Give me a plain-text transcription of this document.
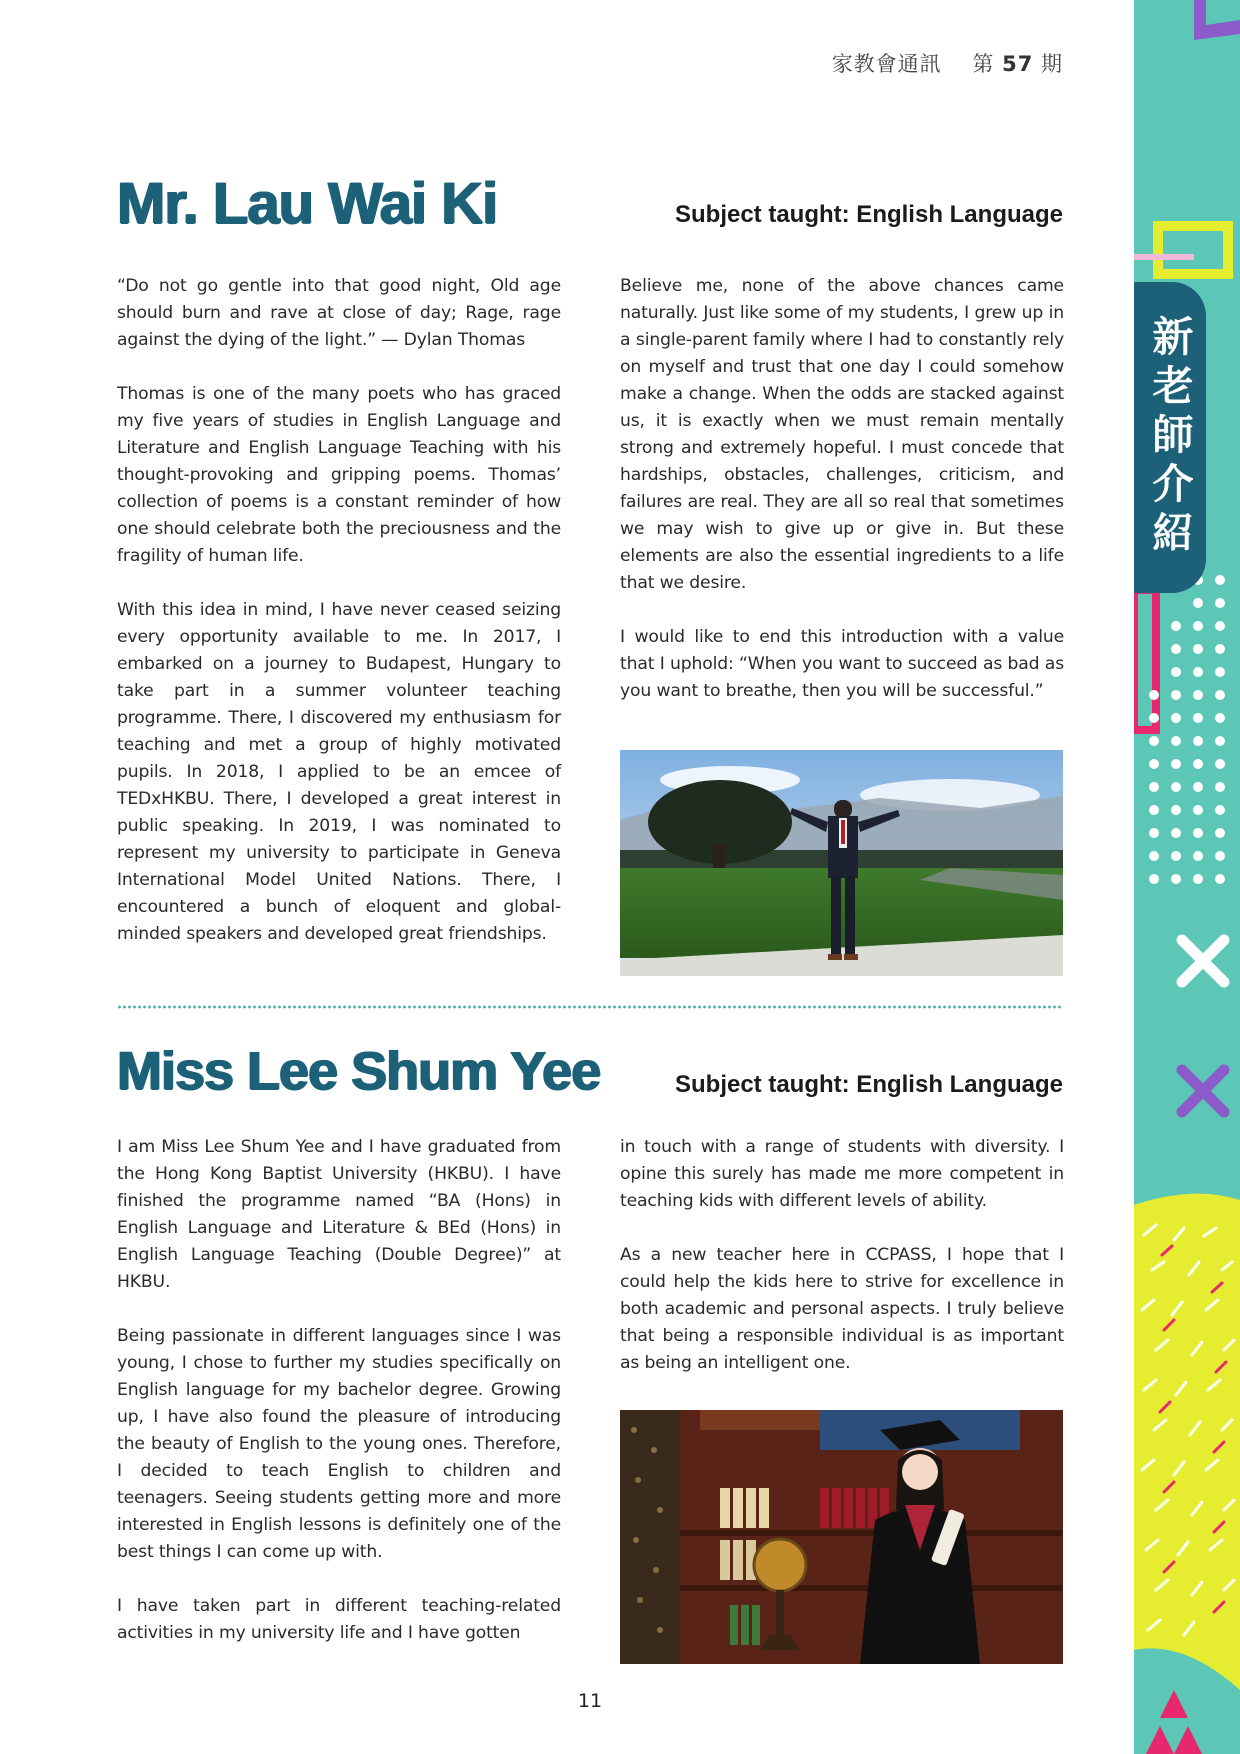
家教會通訊 第 57 期
Mr. Lau Wai Ki	Subject taught: English Language

“Do not go gentle into that good night, Old age should burn and rave at close of day; Rage, rage against the dying of the light.” — Dylan Thomas

Thomas is one of the many poets who has graced my five years of studies in English Language and Literature and English Language Teaching with his thought-provoking and gripping poems. Thomas’ collection of poems is a constant reminder of how one should celebrate both the preciousness and the fragility of human life.

With this idea in mind, I have never ceased seizing every opportunity available to me. In 2017, I embarked on a journey to Budapest, Hungary to take part in a summer volunteer teaching programme. There, I discovered my enthusiasm for teaching and met a group of highly motivated pupils. In 2018, I applied to be an emcee of TEDxHKBU. There, I developed a great interest in public speaking. In 2019, I was nominated to represent my university to participate in Geneva International Model United Nations. There, I encountered a bunch of eloquent and global-minded speakers and developed great friendships.

Believe me, none of the above chances came naturally. Just like some of my students, I grew up in a single-parent family where I had to constantly rely on myself and trust that one day I could somehow make a change. When the odds are stacked against us, it is exactly when we must remain mentally strong and extremely hopeful. I must concede that hardships, obstacles, challenges, criticism, and failures are real. They are all so real that sometimes we may wish to give up or give in. But these elements are also the essential ingredients to a life that we desire.

I would like to end this introduction with a value that I uphold: “When you want to succeed as bad as you want to breathe, then you will be successful.”

Miss Lee Shum Yee	Subject taught: English Language

I am Miss Lee Shum Yee and I have graduated from the Hong Kong Baptist University (HKBU). I have finished the programme named “BA (Hons) in English Language and Literature & BEd (Hons) in English Language Teaching (Double Degree)” at HKBU.

Being passionate in different languages since I was young, I chose to further my studies specifically on English language for my bachelor degree. Growing up, I have also found the pleasure of introducing the beauty of English to the young ones. Therefore, I decided to teach English to children and teenagers. Seeing students getting more and more interested in English lessons is definitely one of the best things I can come up with.

I have taken part in different teaching-related activities in my university life and I have gotten

in touch with a range of students with diversity. I opine this surely has made me more competent in teaching kids with different levels of ability.

As a new teacher here in CCPASS, I hope that I could help the kids here to strive for excellence in both academic and personal aspects. I truly believe that being a responsible individual is as important as being an intelligent one.

11
新老師介紹
